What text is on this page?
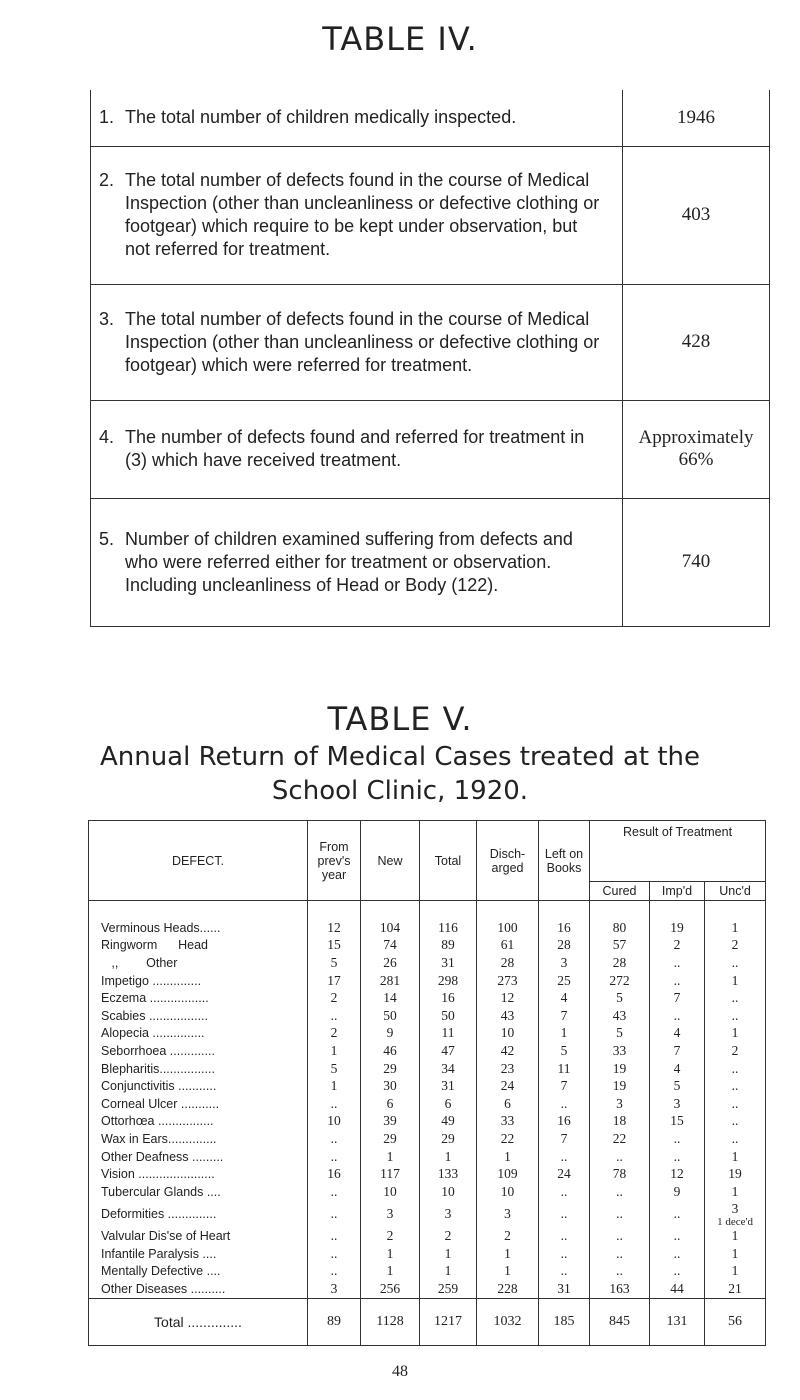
TABLE IV.
1. The total number of children medically inspected.	1946
2. The total number of defects found in the course of Medical Inspection (other than uncleanliness or defective clothing or footgear) which require to be kept under observation, but not referred for treatment.	403
3. The total number of defects found in the course of Medical Inspection (other than uncleanliness or defective clothing or footgear) which were referred for treatment.	428
4. The number of defects found and referred for treatment in (3) which have received treatment.	Approximately 66%
5. Number of children examined suffering from defects and who were referred either for treatment or observation. Including uncleanliness of Head or Body (122).	740
TABLE V.
Annual Return of Medical Cases treated at the
School Clinic, 1920.
DEFECT.	From prev's year	New	Total	Disch-arged	Left on Books	Result of Treatment		
						Cured	Imp'd	Unc'd

Verminous Heads......	12	104	116	100	16	80	19	1
Ringworm      Head	15	74	89	61	28	57	2	2
,,        Other	5	26	31	28	3	28	..	..
Impetigo ..............	17	281	298	273	25	272	..	1
Eczema .................	2	14	16	12	4	5	7	..
Scabies .................	..	50	50	43	7	43	..	..
Alopecia ...............	2	9	11	10	1	5	4	1
Seborrhoea .............	1	46	47	42	5	33	7	2
Blepharitis................	5	29	34	23	11	19	4	..
Conjunctivitis ...........	1	30	31	24	7	19	5	..
Corneal Ulcer ...........	..	6	6	6	..	3	3	..
Ottorhœa ................	10	39	49	33	16	18	15	..
Wax in Ears..............	..	29	29	22	7	22	..	..
Other Deafness .........	..	1	1	1	..	..	..	1
Vision ......................	16	117	133	109	24	78	12	19
Tubercular Glands ....	..	10	10	10	..	..	9	1
Deformities ..............	..	3	3	3	..	..	..	3
1 dece'd

Valvular Dis'se of Heart	..	2	2	2	..	..	..	1
Infantile Paralysis ....	..	1	1	1	..	..	..	1
Mentally Defective ....	..	1	1	1	..	..	..	1
Other Diseases ..........	3	256	259	228	31	163	44	21
Total ..............	89	1128	1217	1032	185	845	131	56
48
